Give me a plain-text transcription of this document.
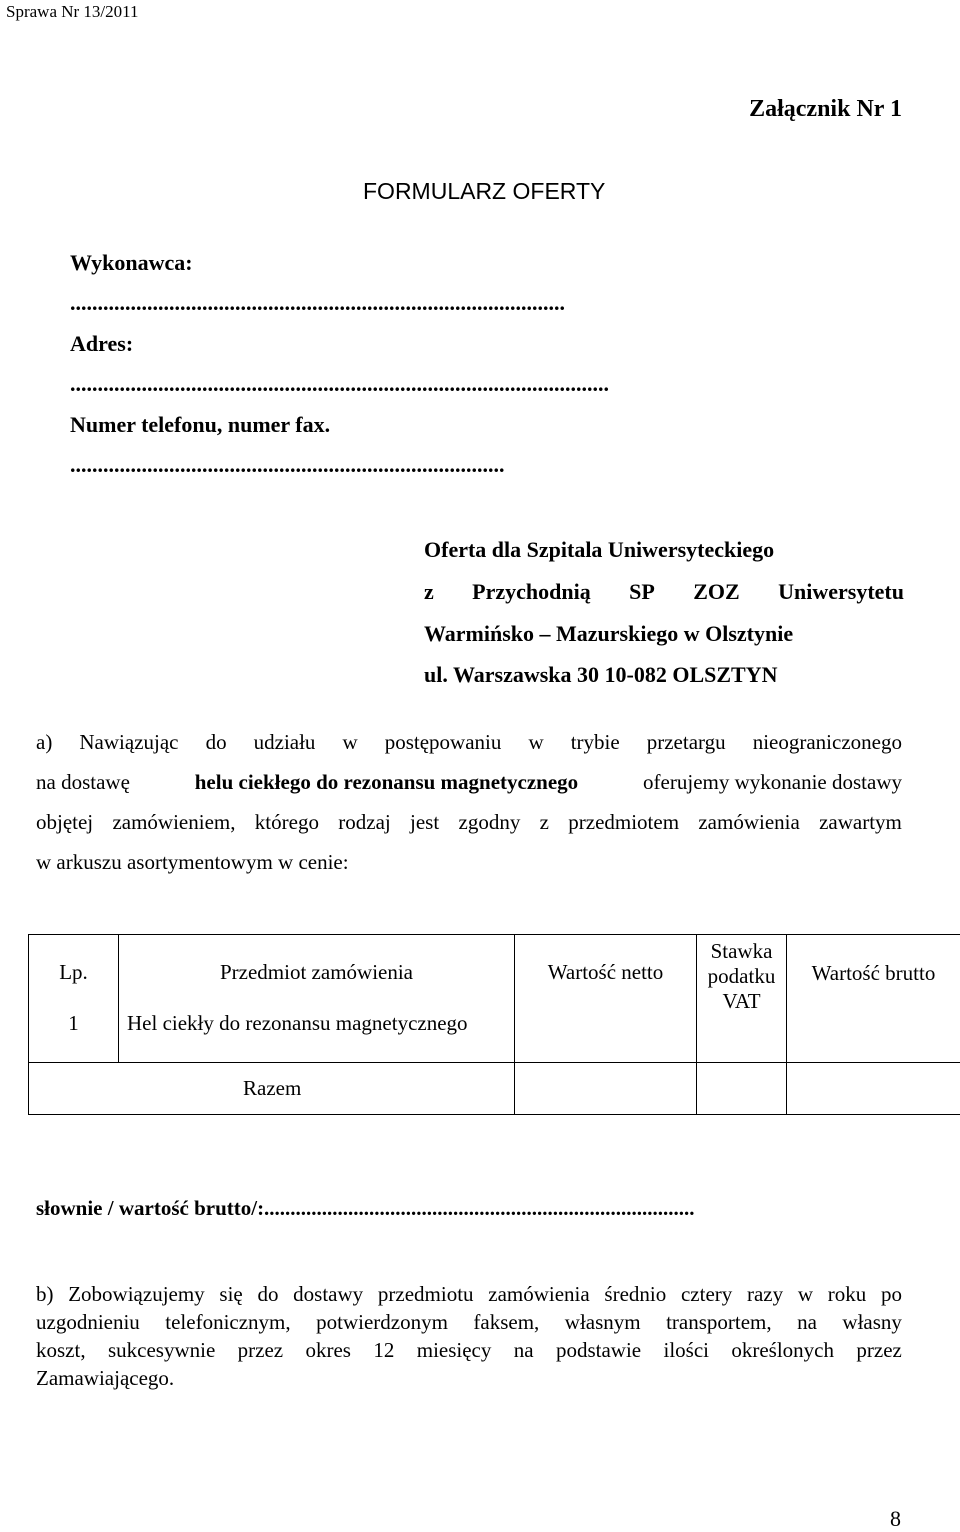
Sprawa Nr 13/2011
Załącznik Nr 1
FORMULARZ OFERTY
Wykonawca:
..........................................................................................
Adres:
..................................................................................................
Numer telefonu, numer fax.
...............................................................................
Oferta dla Szpitala Uniwersyteckiego
z Przychodnią SP ZOZ Uniwersytetu
Warmińsko – Mazurskiego w Olsztynie
ul. Warszawska 30 10-082 OLSZTYN
a) Nawiązując do udziału w postępowaniu w trybie przetargu nieograniczonego
na dostawę	helu ciekłego do rezonansu magnetycznego	oferujemy wykonanie dostawy
objętej zamówieniem, którego rodzaj jest zgodny z przedmiotem zamówienia zawartym
w arkuszu asortymentowym w cenie:
Lp.	Przedmiot zamówienia	Wartość netto	Stawka
podatku
VAT	Wartość brutto
1	Hel ciekły do rezonansu magnetycznego			
Razem				
słownie / wartość brutto/:..................................................................................
b) Zobowiązujemy się do dostawy przedmiotu zamówienia średnio cztery razy w roku po
uzgodnieniu telefonicznym, potwierdzonym faksem, własnym transportem, na własny
koszt, sukcesywnie przez okres 12 miesięcy na podstawie ilości określonych przez
Zamawiającego.
8
